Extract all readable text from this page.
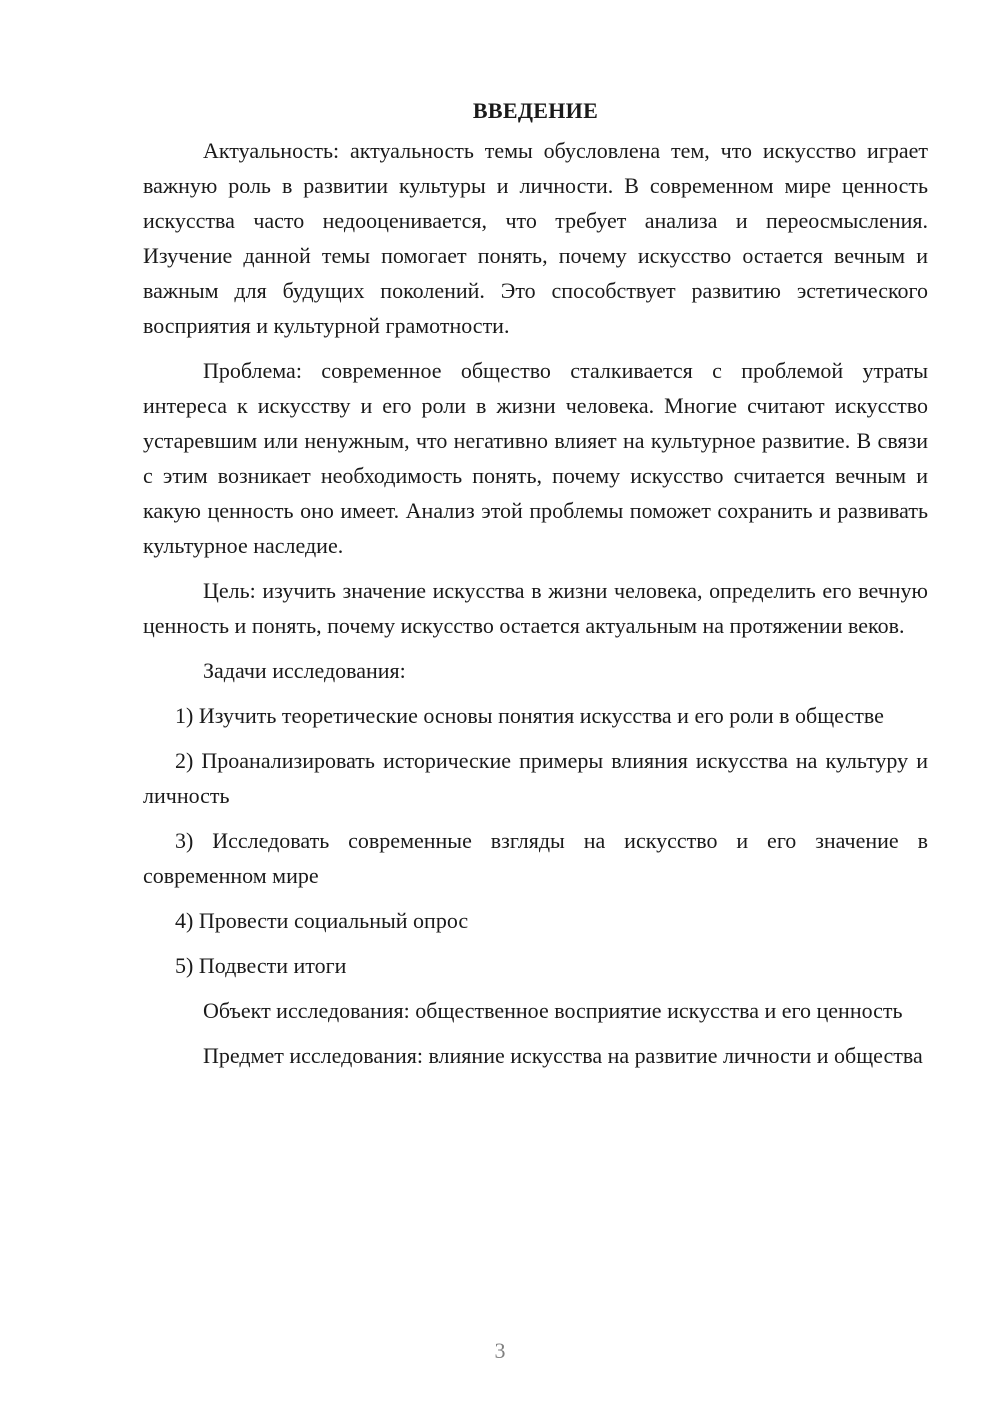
ВВЕДЕНИЕ

Актуальность: актуальность темы обусловлена тем, что искусство играет важную роль в развитии культуры и личности. В современном мире ценность искусства часто недооценивается, что требует анализа и переосмысления. Изучение данной темы помогает понять, почему искусство остается вечным и важным для будущих поколений. Это способствует развитию эстетического восприятия и культурной грамотности.

Проблема: современное общество сталкивается с проблемой утраты интереса к искусству и его роли в жизни человека. Многие считают искусство устаревшим или ненужным, что негативно влияет на культурное развитие. В связи с этим возникает необходимость понять, почему искусство считается вечным и какую ценность оно имеет. Анализ этой проблемы поможет сохранить и развивать культурное наследие.

Цель: изучить значение искусства в жизни человека, определить его вечную ценность и понять, почему искусство остается актуальным на протяжении веков.

Задачи исследования:

1) Изучить теоретические основы понятия искусства и его роли в обществе

2) Проанализировать исторические примеры влияния искусства на культуру и личность

3) Исследовать современные взгляды на искусство и его значение в современном мире

4) Провести социальный опрос

5) Подвести итоги

Объект исследования: общественное восприятие искусства и его ценность

Предмет исследования: влияние искусства на развитие личности и общества

3
